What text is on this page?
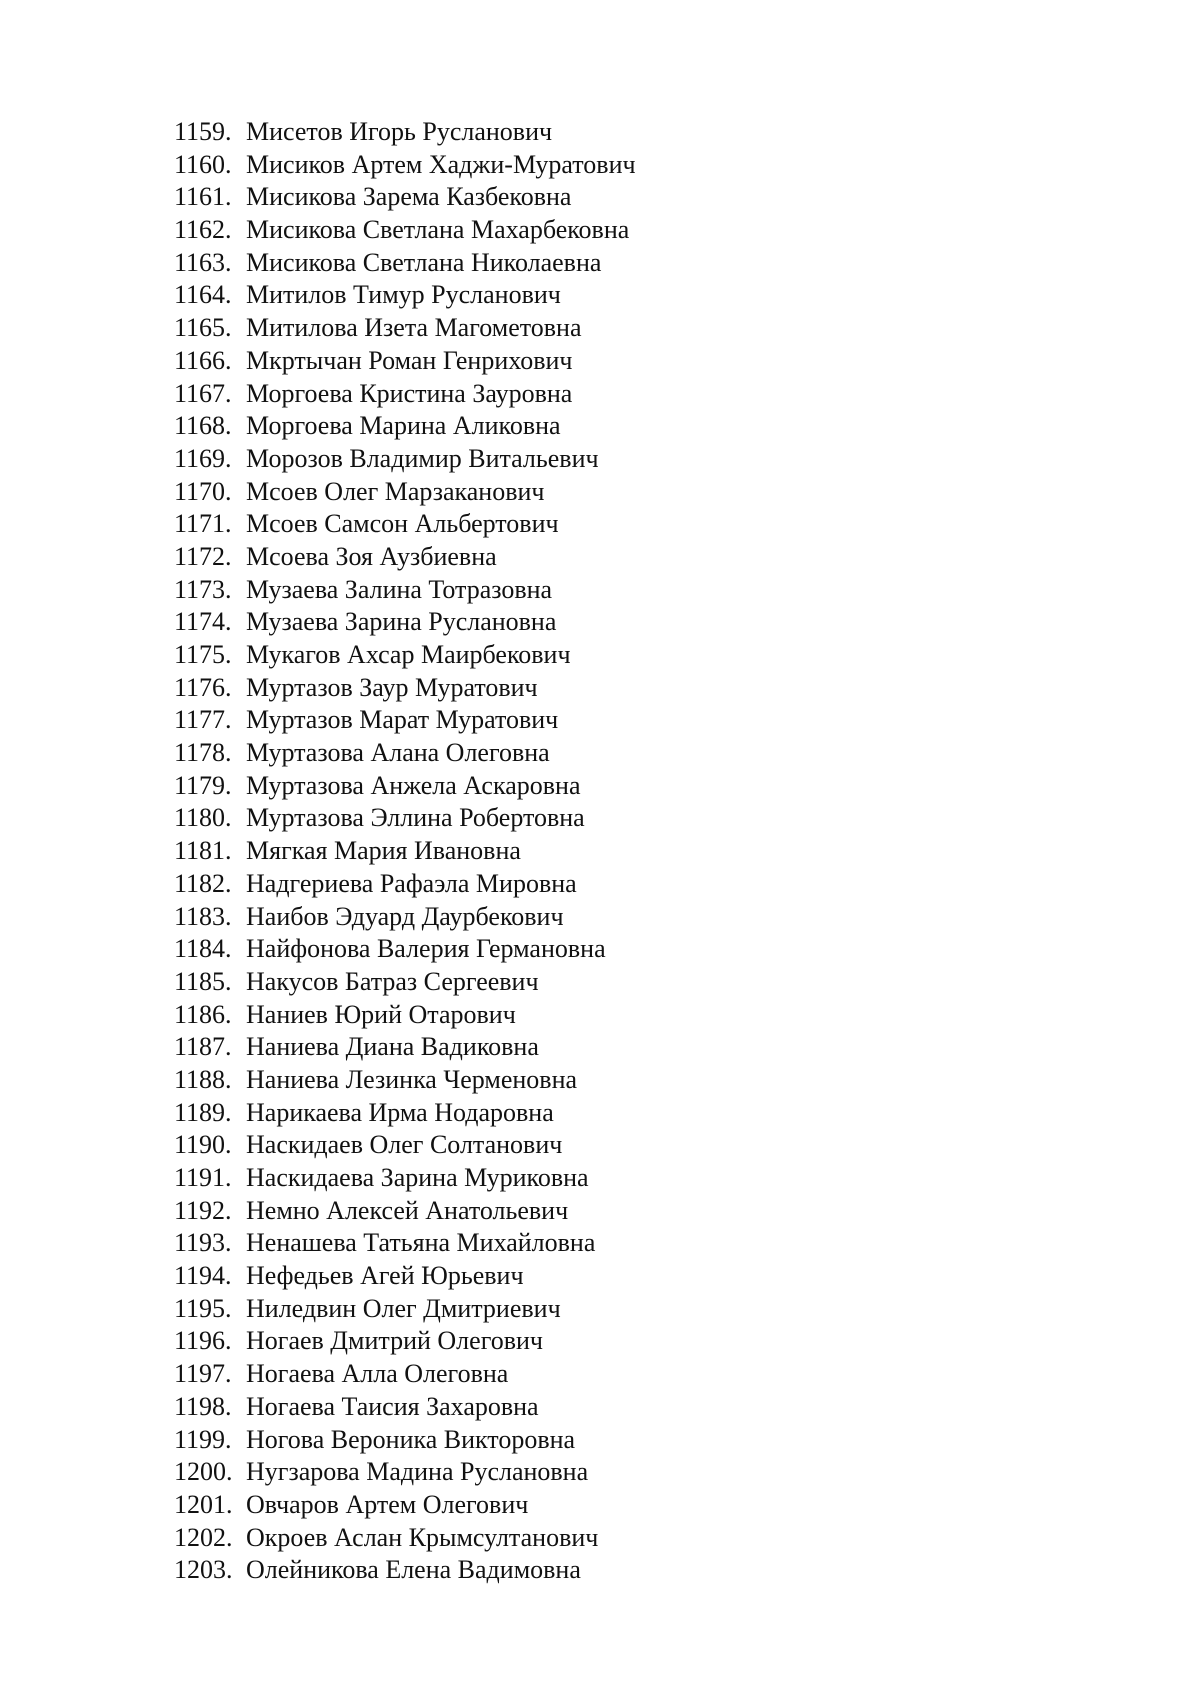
1159. Мисетов Игорь Русланович
1160. Мисиков Артем Хаджи-Муратович
1161. Мисикова Зарема Казбековна
1162. Мисикова Светлана Махарбековна
1163. Мисикова Светлана Николаевна
1164. Митилов Тимур Русланович
1165. Митилова Изета Магометовна
1166. Мкртычан Роман Генрихович
1167. Моргоева Кристина Зауровна
1168. Моргоева Марина Аликовна
1169. Морозов Владимир Витальевич
1170. Мсоев Олег Марзаканович
1171. Мсоев Самсон Альбертович
1172. Мсоева Зоя Аузбиевна
1173. Музаева Залина Тотразовна
1174. Музаева Зарина Руслановна
1175. Мукагов Ахсар Маирбекович
1176. Муртазов Заур Муратович
1177. Муртазов Марат Муратович
1178. Муртазова Алана Олеговна
1179. Муртазова Анжела Аскаровна
1180. Муртазова Эллина Робертовна
1181. Мягкая Мария Ивановна
1182. Надгериева Рафаэла Мировна
1183. Наибов Эдуард Даурбекович
1184. Найфонова Валерия Германовна
1185. Накусов Батраз Сергеевич
1186. Наниев Юрий Отарович
1187. Наниева Диана Вадиковна
1188. Наниева Лезинка Черменовна
1189. Нарикаева Ирма Нодаровна
1190. Наскидаев Олег Солтанович
1191. Наскидаева Зарина Муриковна
1192. Немно Алексей Анатольевич
1193. Ненашева Татьяна Михайловна
1194. Нефедьев Агей Юрьевич
1195. Ниледвин Олег Дмитриевич
1196. Ногаев Дмитрий Олегович
1197. Ногаева Алла Олеговна
1198. Ногаева Таисия Захаровна
1199. Ногова Вероника Викторовна
1200. Нугзарова Мадина Руслановна
1201. Овчаров Артем Олегович
1202. Окроев Аслан Крымсултанович
1203. Олейникова Елена Вадимовна
